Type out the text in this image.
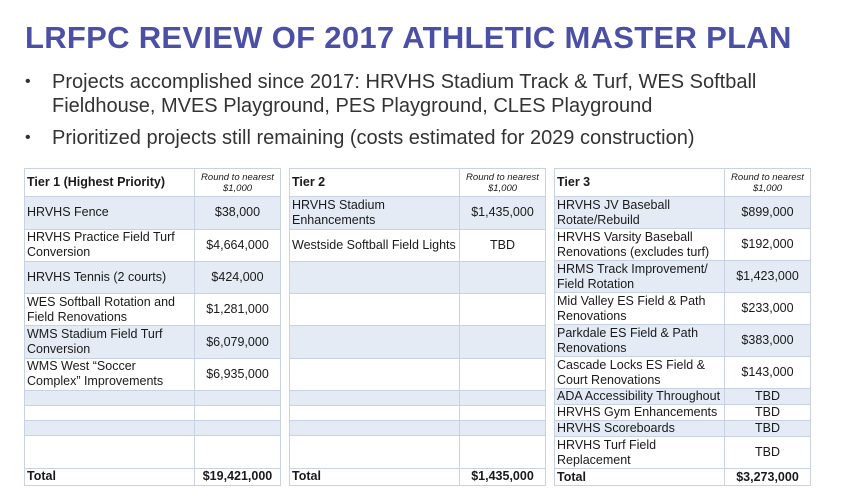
LRFPC REVIEW OF 2017 ATHLETIC MASTER PLAN
•	Projects accomplished since 2017: HRVHS Stadium Track & Turf, WES Softball Fieldhouse, MVES Playground, PES Playground, CLES Playground
•	Prioritized projects still remaining (costs estimated for 2029 construction)
Tier 1 (Highest Priority)	Round to nearest $1,000
HRVHS Fence	$38,000
HRVHS Practice Field Turf Conversion	$4,664,000
HRVHS Tennis (2 courts)	$424,000
WES Softball Rotation and Field Renovations	$1,281,000
WMS Stadium Field Turf Conversion	$6,079,000
WMS West “Soccer Complex” Improvements	$6,935,000

Total	$19,421,000
Tier 2	Round to nearest $1,000
HRVHS Stadium Enhancements	$1,435,000
Westside Softball Field Lights	TBD

Total	$1,435,000
Tier 3	Round to nearest $1,000
HRVHS JV Baseball Rotate/Rebuild	$899,000
HRVHS Varsity Baseball Renovations (excludes turf)	$192,000
HRMS Track Improvement/ Field Rotation	$1,423,000
Mid Valley ES Field & Path Renovations	$233,000
Parkdale ES Field & Path Renovations	$383,000
Cascade Locks ES Field & Court Renovations	$143,000
ADA Accessibility Throughout	TBD
HRVHS Gym Enhancements	TBD
HRVHS Scoreboards	TBD
HRVHS Turf Field Replacement	TBD
Total	$3,273,000
